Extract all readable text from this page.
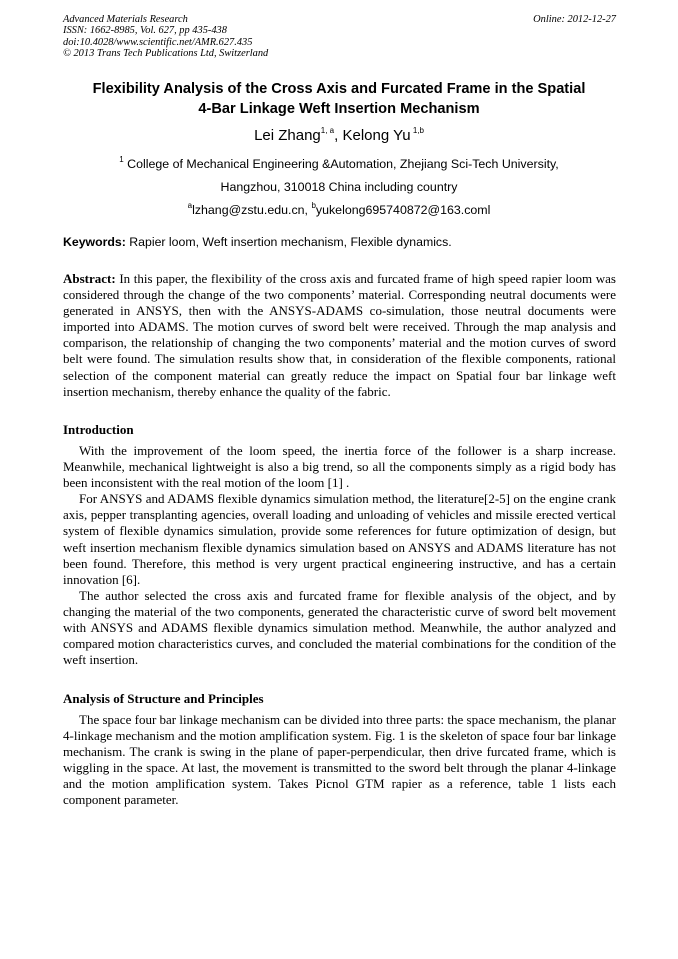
Advanced Materials Research
ISSN: 1662-8985, Vol. 627, pp 435-438
doi:10.4028/www.scientific.net/AMR.627.435
© 2013 Trans Tech Publications Ltd, Switzerland
Online: 2012-12-27
Flexibility Analysis of the Cross Axis and Furcated Frame in the Spatial
4-Bar Linkage Weft Insertion Mechanism
Lei Zhang$^{1, a}$, Kelong Yu $^{1,b}$
$^1$ College of Mechanical Engineering &Automation, Zhejiang Sci-Tech University,
Hangzhou, 310018 China including country
$^a$lzhang@zstu.edu.cn, $^b$yukelong695740872@163.coml
Keywords: Rapier loom, Weft insertion mechanism, Flexible dynamics.
Abstract: In this paper, the flexibility of the cross axis and furcated frame of high speed rapier loom was considered through the change of the two components’ material. Corresponding neutral documents were generated in ANSYS, then with the ANSYS-ADAMS co-simulation, those neutral documents were imported into ADAMS. The motion curves of sword belt were received. Through the map analysis and comparison, the relationship of changing the two components’ material and the motion curves of sword belt were found. The simulation results show that, in consideration of the flexible components, rational selection of the component material can greatly reduce the impact on Spatial four bar linkage weft insertion mechanism, thereby enhance the quality of the fabric.
Introduction

With the improvement of the loom speed, the inertia force of the follower is a sharp increase. Meanwhile, mechanical lightweight is also a big trend, so all the components simply as a rigid body has been inconsistent with the real motion of the loom [1] .

For ANSYS and ADAMS flexible dynamics simulation method, the literature[2-5] on the engine crank axis, pepper transplanting agencies, overall loading and unloading of vehicles and missile erected vertical system of flexible dynamics simulation, provide some references for future optimization of design, but weft insertion mechanism flexible dynamics simulation based on ANSYS and ADAMS literature has not been found. Therefore, this method is very urgent practical engineering instructive, and has a certain innovation [6].

The author selected the cross axis and furcated frame for flexible analysis of the object, and by changing the material of the two components, generated the characteristic curve of sword belt movement with ANSYS and ADAMS flexible dynamics simulation method. Meanwhile, the author analyzed and compared motion characteristics curves, and concluded the material combinations for the condition of the weft insertion.

Analysis of Structure and Principles

The space four bar linkage mechanism can be divided into three parts: the space mechanism, the planar 4-linkage mechanism and the motion amplification system. Fig. 1 is the skeleton of space four bar linkage mechanism. The crank is swing in the plane of paper-perpendicular, then drive furcated frame, which is wiggling in the space. At last, the movement is transmitted to the sword belt through the planar 4-linkage and the motion amplification system. Takes Picnol GTM rapier as a reference, table 1 lists each component parameter.
